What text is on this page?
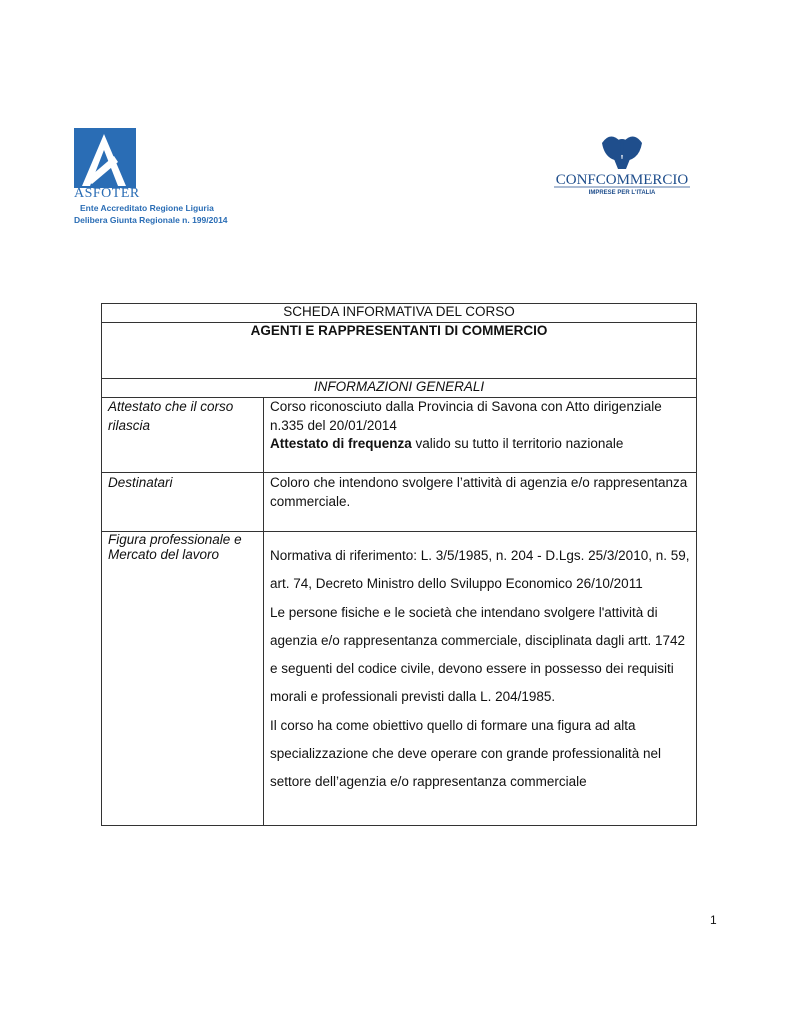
ASFOTER
Ente Accreditato Regione Liguria
Delibera Giunta Regionale n. 199/2014
CONFCOMMERCIO
IMPRESE PER L'ITALIA
SCHEDA INFORMATIVA DEL CORSO	
AGENTI E RAPPRESENTANTI DI COMMERCIO	
INFORMAZIONI GENERALI	
Attestato che il corso rilascia	Corso riconosciuto dalla Provincia di Savona con Atto dirigenziale n.335 del 20/01/2014
Attestato di frequenza valido su tutto il territorio nazionale
Destinatari	Coloro che intendono svolgere l’attività di agenzia e/o rappresentanza commerciale.
Figura professionale e Mercato del lavoro	Normativa di riferimento: L. 3/5/1985, n. 204 - D.Lgs. 25/3/2010, n. 59, art. 74, Decreto Ministro dello Sviluppo Economico 26/10/2011
Le persone fisiche e le società che intendano svolgere l'attività di agenzia e/o rappresentanza commerciale, disciplinata dagli artt. 1742 e seguenti del codice civile, devono essere in possesso dei requisiti morali e professionali previsti dalla L. 204/1985.
Il corso ha come obiettivo quello di formare una figura ad alta specializzazione che deve operare con grande professionalità nel settore dell’agenzia e/o rappresentanza commerciale
1
